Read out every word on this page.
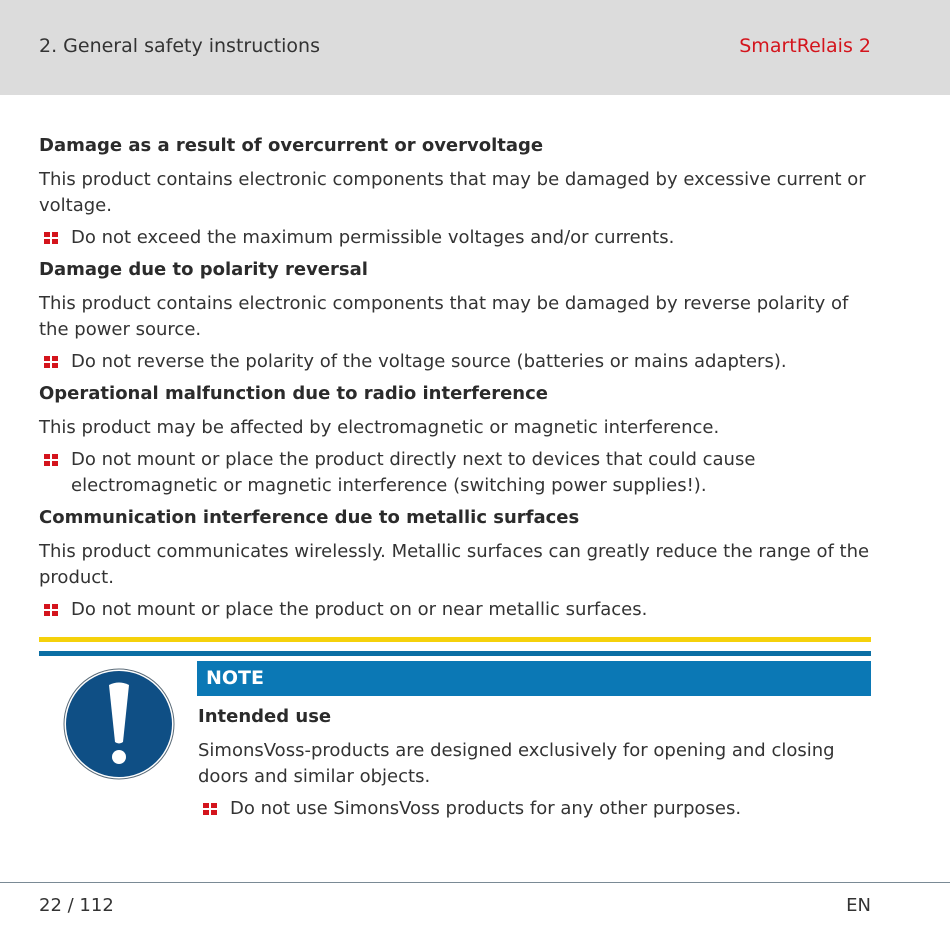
2. General safety instructions	SmartRelais 2
Damage as a result of overcurrent or overvoltage

This product contains electronic components that may be damaged by excessive current or voltage.

Do not exceed the maximum permissible voltages and/or currents.
Damage due to polarity reversal

This product contains electronic components that may be damaged by reverse polarity of the power source.

Do not reverse the polarity of the voltage source (batteries or mains adapters).
Operational malfunction due to radio interference

This product may be affected by electromagnetic or magnetic interference.

Do not mount or place the product directly next to devices that could cause electromagnetic or magnetic interference (switching power supplies!).
Communication interference due to metallic surfaces

This product communicates wirelessly. Metallic surfaces can greatly reduce the range of the product.

Do not mount or place the product on or near metallic surfaces.
NOTE
Intended use

SimonsVoss-products are designed exclusively for opening and closing doors and similar objects.

Do not use SimonsVoss products for any other purposes.
22 / 112	EN
